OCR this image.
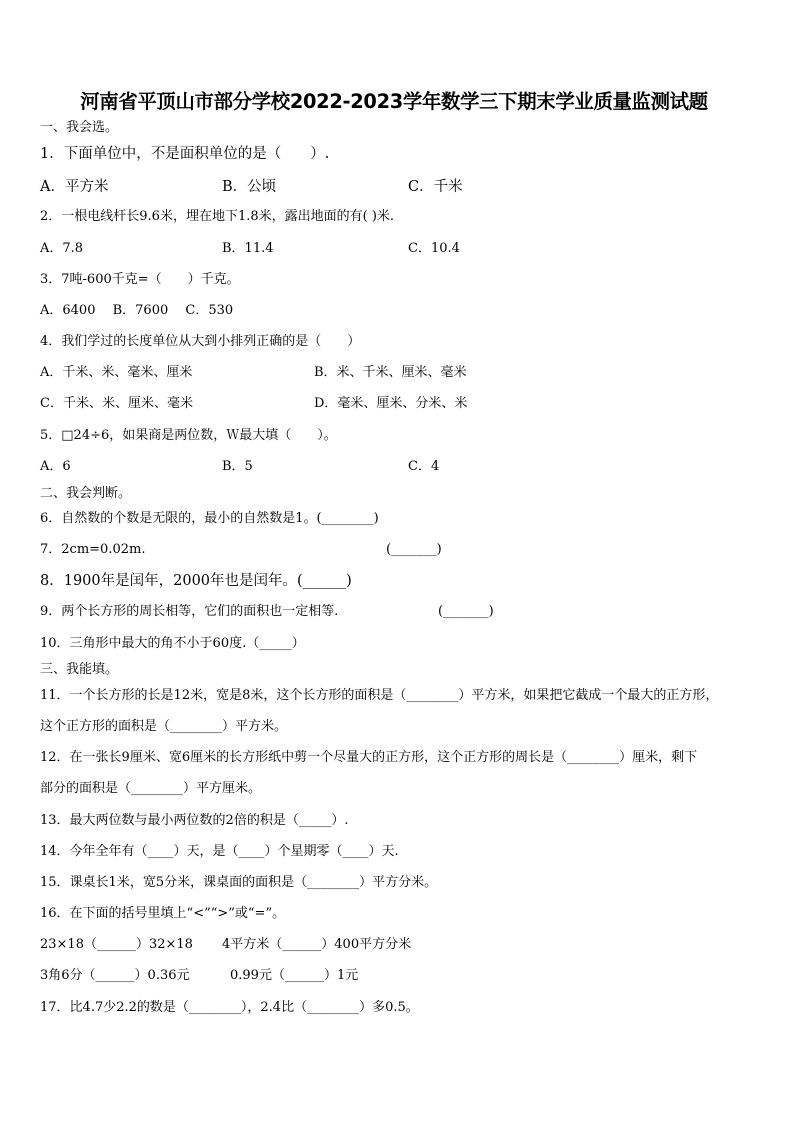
河南省平顶山市部分学校2022-2023学年数学三下期末学业质量监测试题
一、我会选。
1．下面单位中，不是面积单位的是（　　）.
A．平方米	B．公顷	C．千米
2．一根电线杆长9.6米，埋在地下1.8米，露出地面的有( )米.
A．7.8	B．11.4	C．10.4
3．7吨-600千克=（　　）千克。
A．6400　 B．7600　 C．530
4．我们学过的长度单位从大到小排列正确的是（　　）
A．千米、米、毫米、厘米	B．米、千米、厘米、毫米
C．千米、米、厘米、毫米	D．毫米、厘米、分米、米
5．□24÷6，如果商是两位数，Ｗ最大填（　　）。
A．6	B．5	C．4
二、我会判断。
6．自然数的个数是无限的，最小的自然数是1。(________)
7．2cm=0.02m.	(_______)
8．1900年是闰年，2000年也是闰年。(______)
9．两个长方形的周长相等，它们的面积也一定相等.	(_______)
10．三角形中最大的角不小于60度.（_____）
三、我能填。
11．一个长方形的长是12米，宽是8米，这个长方形的面积是（________）平方米，如果把它截成一个最大的正方形，
这个正方形的面积是（________）平方米。
12．在一张长9厘米、宽6厘米的长方形纸中剪一个尽量大的正方形，这个正方形的周长是（________）厘米，剩下
部分的面积是（________）平方厘米。
13．最大两位数与最小两位数的2倍的积是（_____）.
14．今年全年有（____）天，是（____）个星期零（____）天.
15．课桌长1米，宽5分米，课桌面的面积是（________）平方分米。
16．在下面的括号里填上“<”“>”或“=”。
23×18（______）32×18 4平方米（______）400平方分米
3角6分（______）0.36元	0.99元（______）1元
17．比4.7少2.2的数是（________），2.4比（________）多0.5。
